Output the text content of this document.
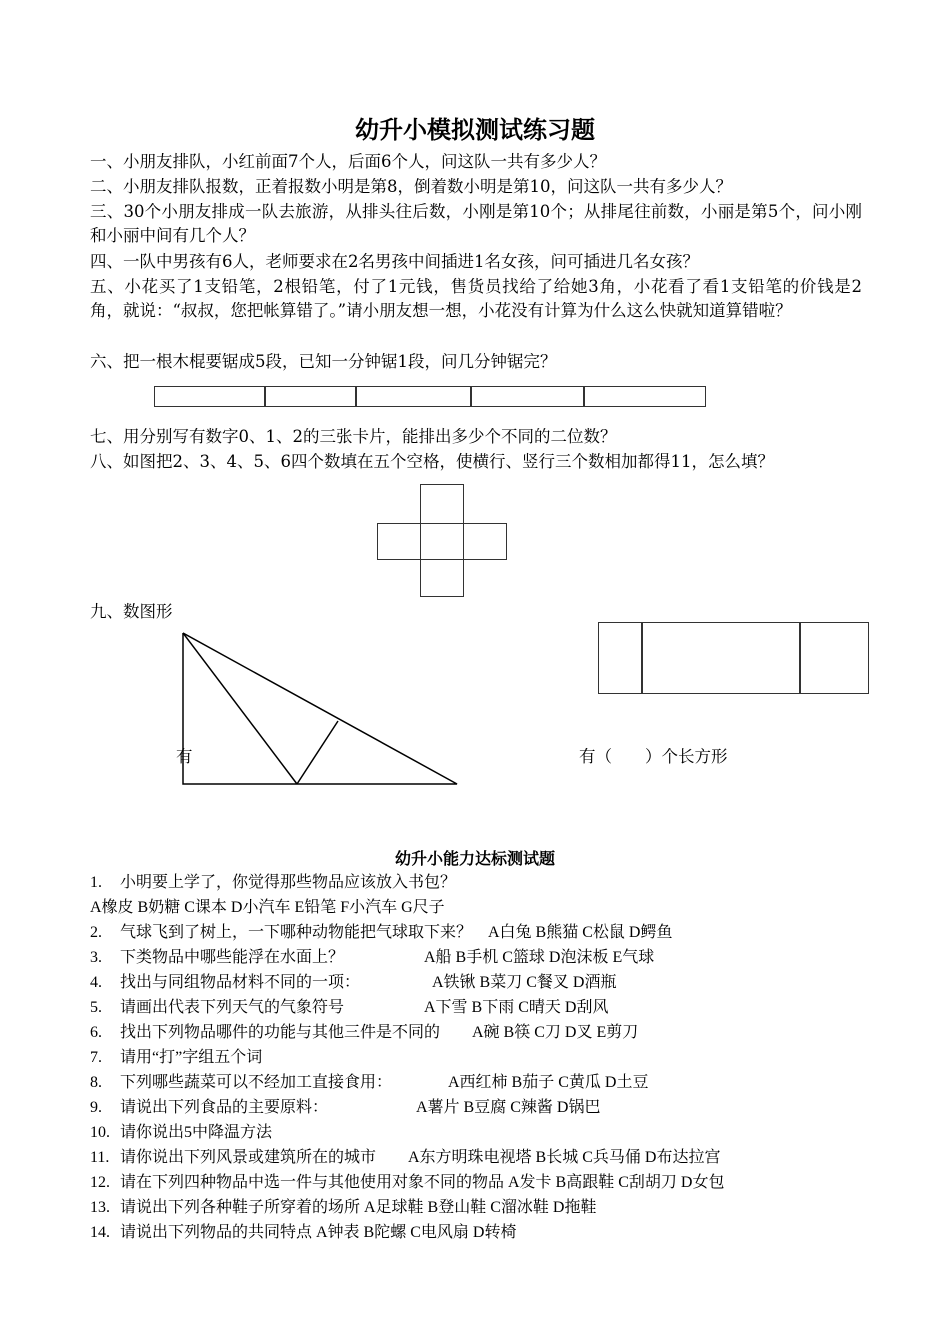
幼升小模拟测试练习题
一、小朋友排队，小红前面7个人，后面6个人，问这队一共有多少人？
二、小朋友排队报数，正着报数小明是第8，倒着数小明是第10，问这队一共有多少人？
三、30个小朋友排成一队去旅游，从排头往后数，小刚是第10个；从排尾往前数，小丽是第5个，问小刚和小丽中间有几个人？
四、一队中男孩有6人，老师要求在2名男孩中间插进1名女孩，问可插进几名女孩？
五、小花买了1支铅笔，2根铅笔，付了1元钱，售货员找给了给她3角，小花看了看1支铅笔的价钱是2角，就说：“叔叔，您把帐算错了。”请小朋友想一想，小花没有计算为什么这么快就知道算错啦？
六、把一根木棍要锯成5段，已知一分钟锯1段，问几分钟锯完？
七、用分别写有数字0、1、2的三张卡片，能排出多少个不同的二位数？
八、如图把2、3、4、5、6四个数填在五个空格，使横行、竖行三个数相加都得11，怎么填？
九、数图形
有	有（　　）个长方形
幼升小能力达标测试题
1. 小明要上学了，你觉得那些物品应该放入书包？
A橡皮 B奶糖 C课本 D小汽车 E铅笔 F小汽车 G尺子
2. 气球飞到了树上，一下哪种动物能把气球取下来？　A白兔 B熊猫 C松鼠 D鳄鱼
3. 下类物品中哪些能浮在水面上？　　　　　A船 B手机 C篮球 D泡沫板 E气球
4. 找出与同组物品材料不同的一项：　　　　　A铁锹 B菜刀 C餐叉 D酒瓶
5. 请画出代表下列天气的气象符号　　　　　A下雪 B下雨 C晴天 D刮风
6. 找出下列物品哪件的功能与其他三件是不同的　　A碗 B筷 C刀 D叉 E剪刀
7. 请用“打”字组五个词
8. 下列哪些蔬菜可以不经加工直接食用：　　　　A西红柿 B茄子 C黄瓜 D土豆
9. 请说出下列食品的主要原料：　　　　　　A薯片 B豆腐 C辣酱 D锅巴
10. 请你说出5中降温方法
11. 请你说出下列风景或建筑所在的城市　　A东方明珠电视塔 B长城 C兵马俑 D布达拉宫
12. 请在下列四种物品中选一件与其他使用对象不同的物品 A发卡 B高跟鞋 C刮胡刀 D女包
13. 请说出下列各种鞋子所穿着的场所 A足球鞋 B登山鞋 C溜冰鞋 D拖鞋
14. 请说出下列物品的共同特点 A钟表 B陀螺 C电风扇 D转椅
